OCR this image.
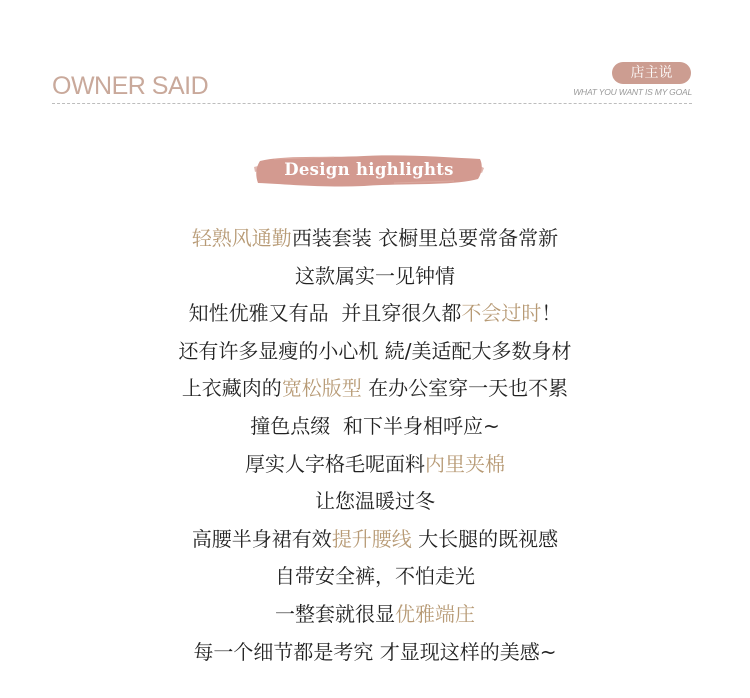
OWNER SAID	店主说
WHAT YOU WANT IS MY GOAL
Design highlights
轻熟风通勤西装套装 衣橱里总要常备常新
这款属实一见钟情
知性优雅又有品  并且穿很久都不会过时！
还有许多显瘦的小心机 続/美适配大多数身材
上衣藏肉的宽松版型 在办公室穿一天也不累
撞色点缀  和下半身相呼应~
厚实人字格毛呢面料内里夹棉
让您温暖过冬
高腰半身裙有效提升腰线 大长腿的既视感
自带安全裤，不怕走光
一整套就很显优雅端庄
每一个细节都是考究 才显现这样的美感~
